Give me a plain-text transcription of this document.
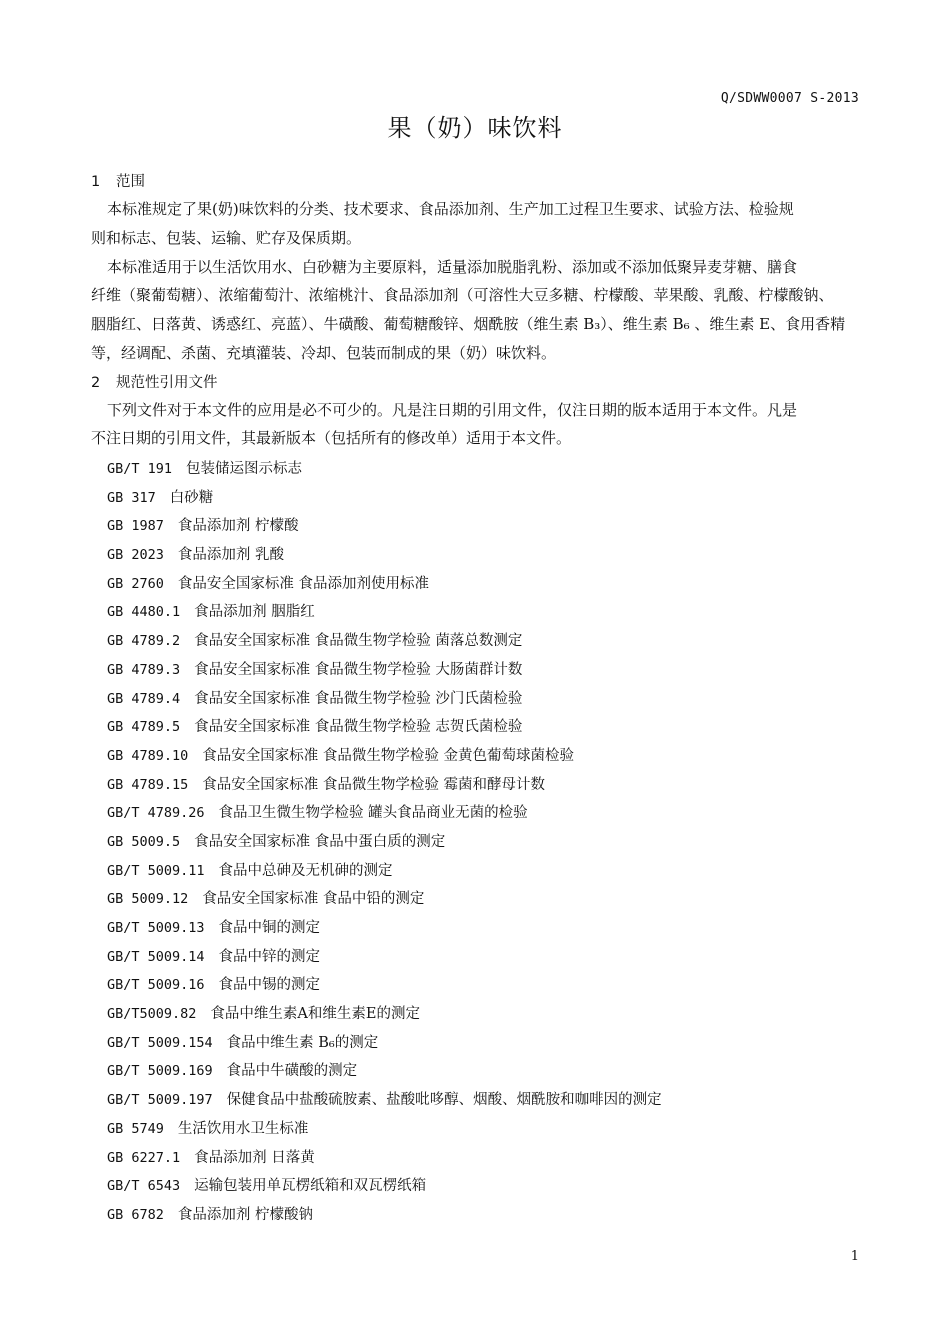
Q/SDWW0007 S-2013
果（奶）味饮料
1 范围
本标准规定了果(奶)味饮料的分类、技术要求、食品添加剂、生产加工过程卫生要求、试验方法、检验规
则和标志、包装、运输、贮存及保质期。
本标准适用于以生活饮用水、白砂糖为主要原料，适量添加脱脂乳粉、添加或不添加低聚异麦芽糖、膳食
纤维（聚葡萄糖）、浓缩葡萄汁、浓缩桃汁、食品添加剂（可溶性大豆多糖、柠檬酸、苹果酸、乳酸、柠檬酸钠、
胭脂红、日落黄、诱惑红、亮蓝）、牛磺酸、葡萄糖酸锌、烟酰胺（维生素 B₃）、维生素 B₆ 、维生素 E、食用香精
等，经调配、杀菌、充填灌装、冷却、包装而制成的果（奶）味饮料。
2 规范性引用文件
下列文件对于本文件的应用是必不可少的。凡是注日期的引用文件，仅注日期的版本适用于本文件。凡是
不注日期的引用文件，其最新版本（包括所有的修改单）适用于本文件。
GB/T 191 包装储运图示标志
GB 317 白砂糖
GB 1987 食品添加剂 柠檬酸
GB 2023 食品添加剂 乳酸
GB 2760 食品安全国家标准 食品添加剂使用标准
GB 4480.1 食品添加剂 胭脂红
GB 4789.2 食品安全国家标准 食品微生物学检验 菌落总数测定
GB 4789.3 食品安全国家标准 食品微生物学检验 大肠菌群计数
GB 4789.4 食品安全国家标准 食品微生物学检验 沙门氏菌检验
GB 4789.5 食品安全国家标准 食品微生物学检验 志贺氏菌检验
GB 4789.10 食品安全国家标准 食品微生物学检验 金黄色葡萄球菌检验
GB 4789.15 食品安全国家标准 食品微生物学检验 霉菌和酵母计数
GB/T 4789.26 食品卫生微生物学检验 罐头食品商业无菌的检验
GB 5009.5 食品安全国家标准 食品中蛋白质的测定
GB/T 5009.11 食品中总砷及无机砷的测定
GB 5009.12 食品安全国家标准 食品中铅的测定
GB/T 5009.13 食品中铜的测定
GB/T 5009.14 食品中锌的测定
GB/T 5009.16 食品中锡的测定
GB/T5009.82 食品中维生素A和维生素E的测定
GB/T 5009.154 食品中维生素 B₆的测定
GB/T 5009.169 食品中牛磺酸的测定
GB/T 5009.197 保健食品中盐酸硫胺素、盐酸吡哆醇、烟酸、烟酰胺和咖啡因的测定
GB 5749 生活饮用水卫生标准
GB 6227.1 食品添加剂 日落黄
GB/T 6543 运输包装用单瓦楞纸箱和双瓦楞纸箱
GB 6782 食品添加剂 柠檬酸钠
1
